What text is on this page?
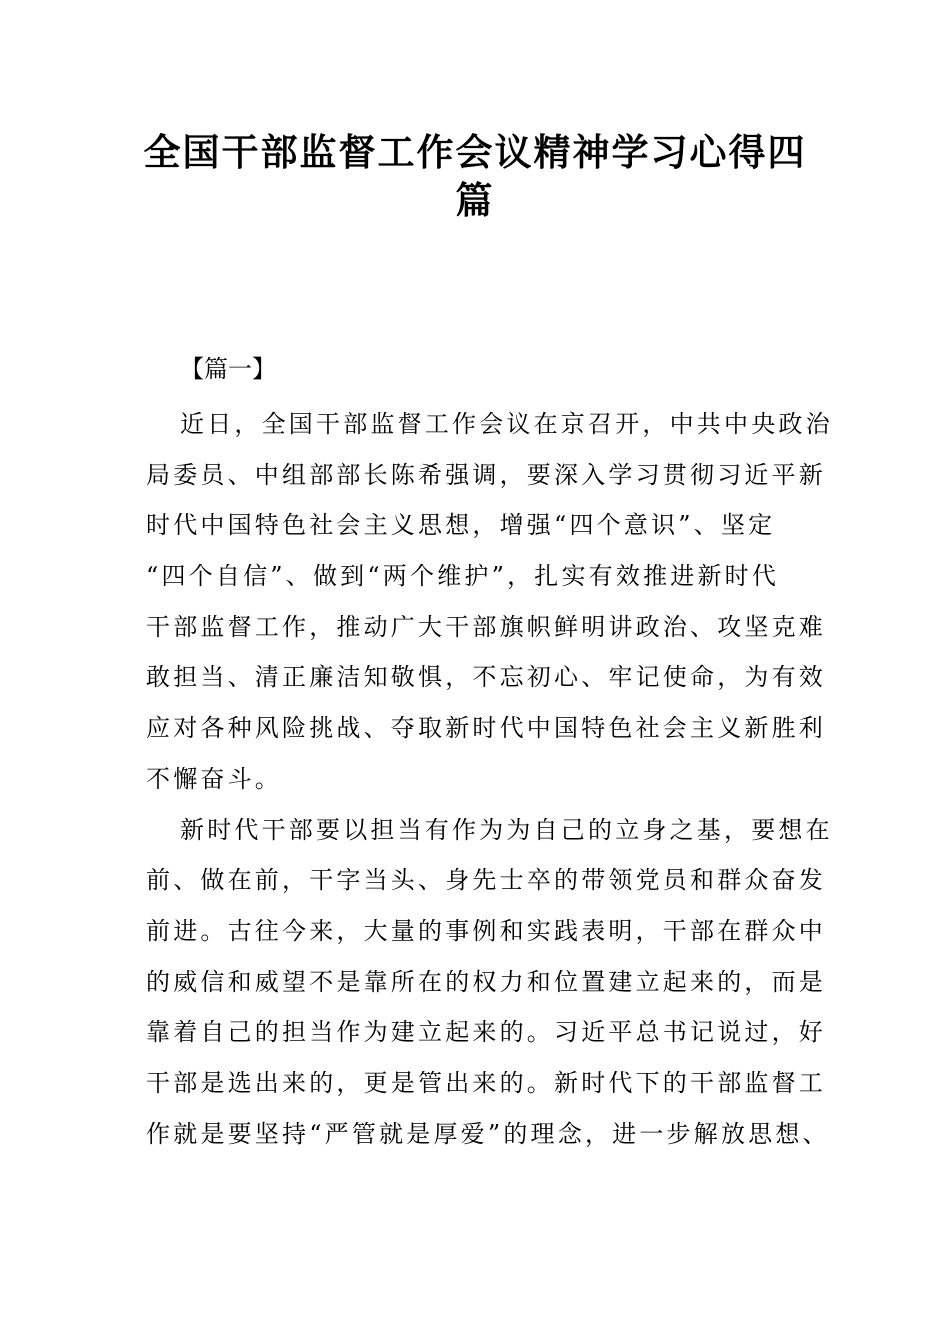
全国干部监督工作会议精神学习心得四
篇

【篇一】

近日，全国干部监督工作会议在京召开，中共中央政治
局委员、中组部部长陈希强调，要深入学习贯彻习近平新
时代中国特色社会主义思想，增强“四个意识”、坚定
“四个自信”、做到“两个维护”，扎实有效推进新时代
干部监督工作，推动广大干部旗帜鲜明讲政治、攻坚克难
敢担当、清正廉洁知敬惧，不忘初心、牢记使命，为有效
应对各种风险挑战、夺取新时代中国特色社会主义新胜利
不懈奋斗。

新时代干部要以担当有作为为自己的立身之基，要想在
前、做在前，干字当头、身先士卒的带领党员和群众奋发
前进。古往今来，大量的事例和实践表明，干部在群众中
的威信和威望不是靠所在的权力和位置建立起来的，而是
靠着自己的担当作为建立起来的。习近平总书记说过，好
干部是选出来的，更是管出来的。新时代下的干部监督工
作就是要坚持“严管就是厚爱”的理念，进一步解放思想、
